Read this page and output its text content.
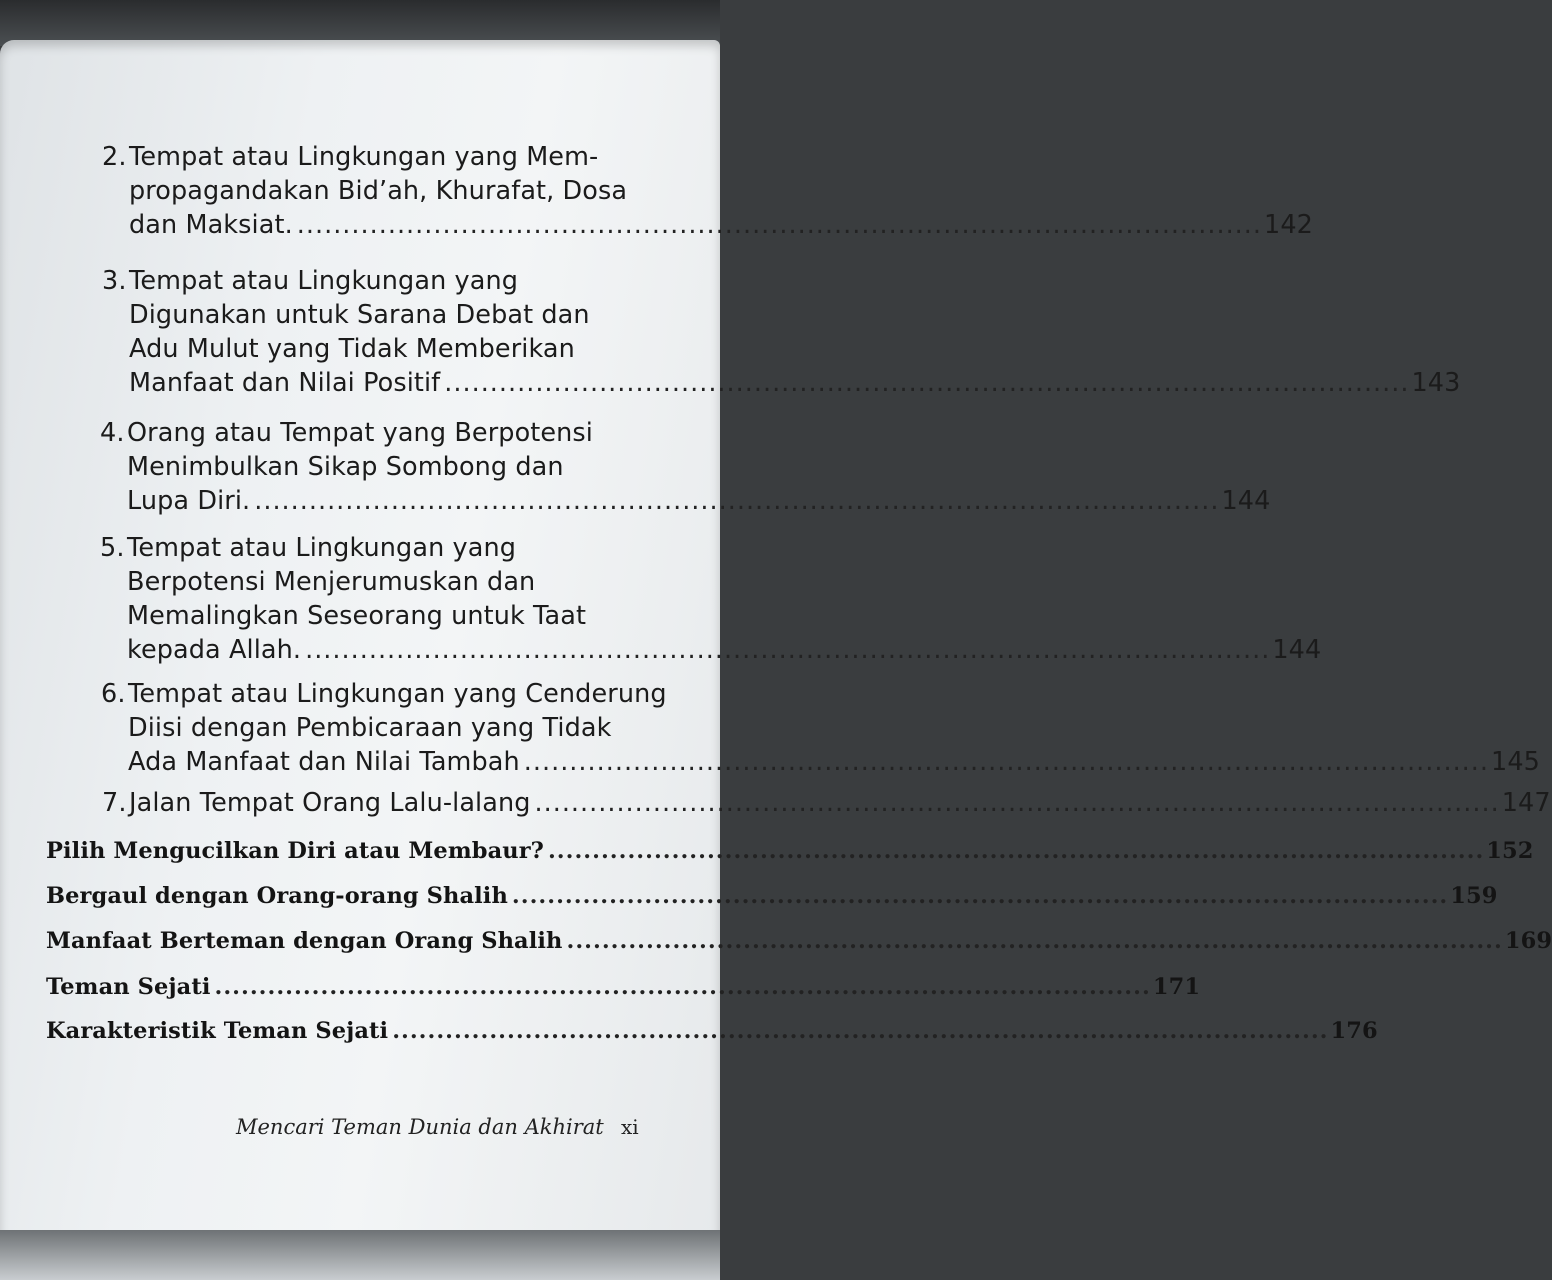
2. Tempat atau Lingkungan yang Mem-
propagandakan Bid’ah, Khurafat, Dosa
dan Maksiat. .......................................................................................................... 142
3. Tempat atau Lingkungan yang
Digunakan untuk Sarana Debat dan
Adu Mulut yang Tidak Memberikan
Manfaat dan Nilai Positif .......................................................................................................... 143
4. Orang atau Tempat yang Berpotensi
Menimbulkan Sikap Sombong dan
Lupa Diri. .......................................................................................................... 144
5. Tempat atau Lingkungan yang
Berpotensi Menjerumuskan dan
Memalingkan Seseorang untuk Taat
kepada Allah. .......................................................................................................... 144
6. Tempat atau Lingkungan yang Cenderung
Diisi dengan Pembicaraan yang Tidak
Ada Manfaat dan Nilai Tambah .......................................................................................................... 145
7. Jalan Tempat Orang Lalu-lalang .......................................................................................................... 147
Pilih Mengucilkan Diri atau Membaur? .......................................................................................................... 152
Bergaul dengan Orang-orang Shalih .......................................................................................................... 159
Manfaat Berteman dengan Orang Shalih .......................................................................................................... 169
Teman Sejati .......................................................................................................... 171
Karakteristik Teman Sejati .......................................................................................................... 176
Mencari Teman Dunia dan Akhirat xi
